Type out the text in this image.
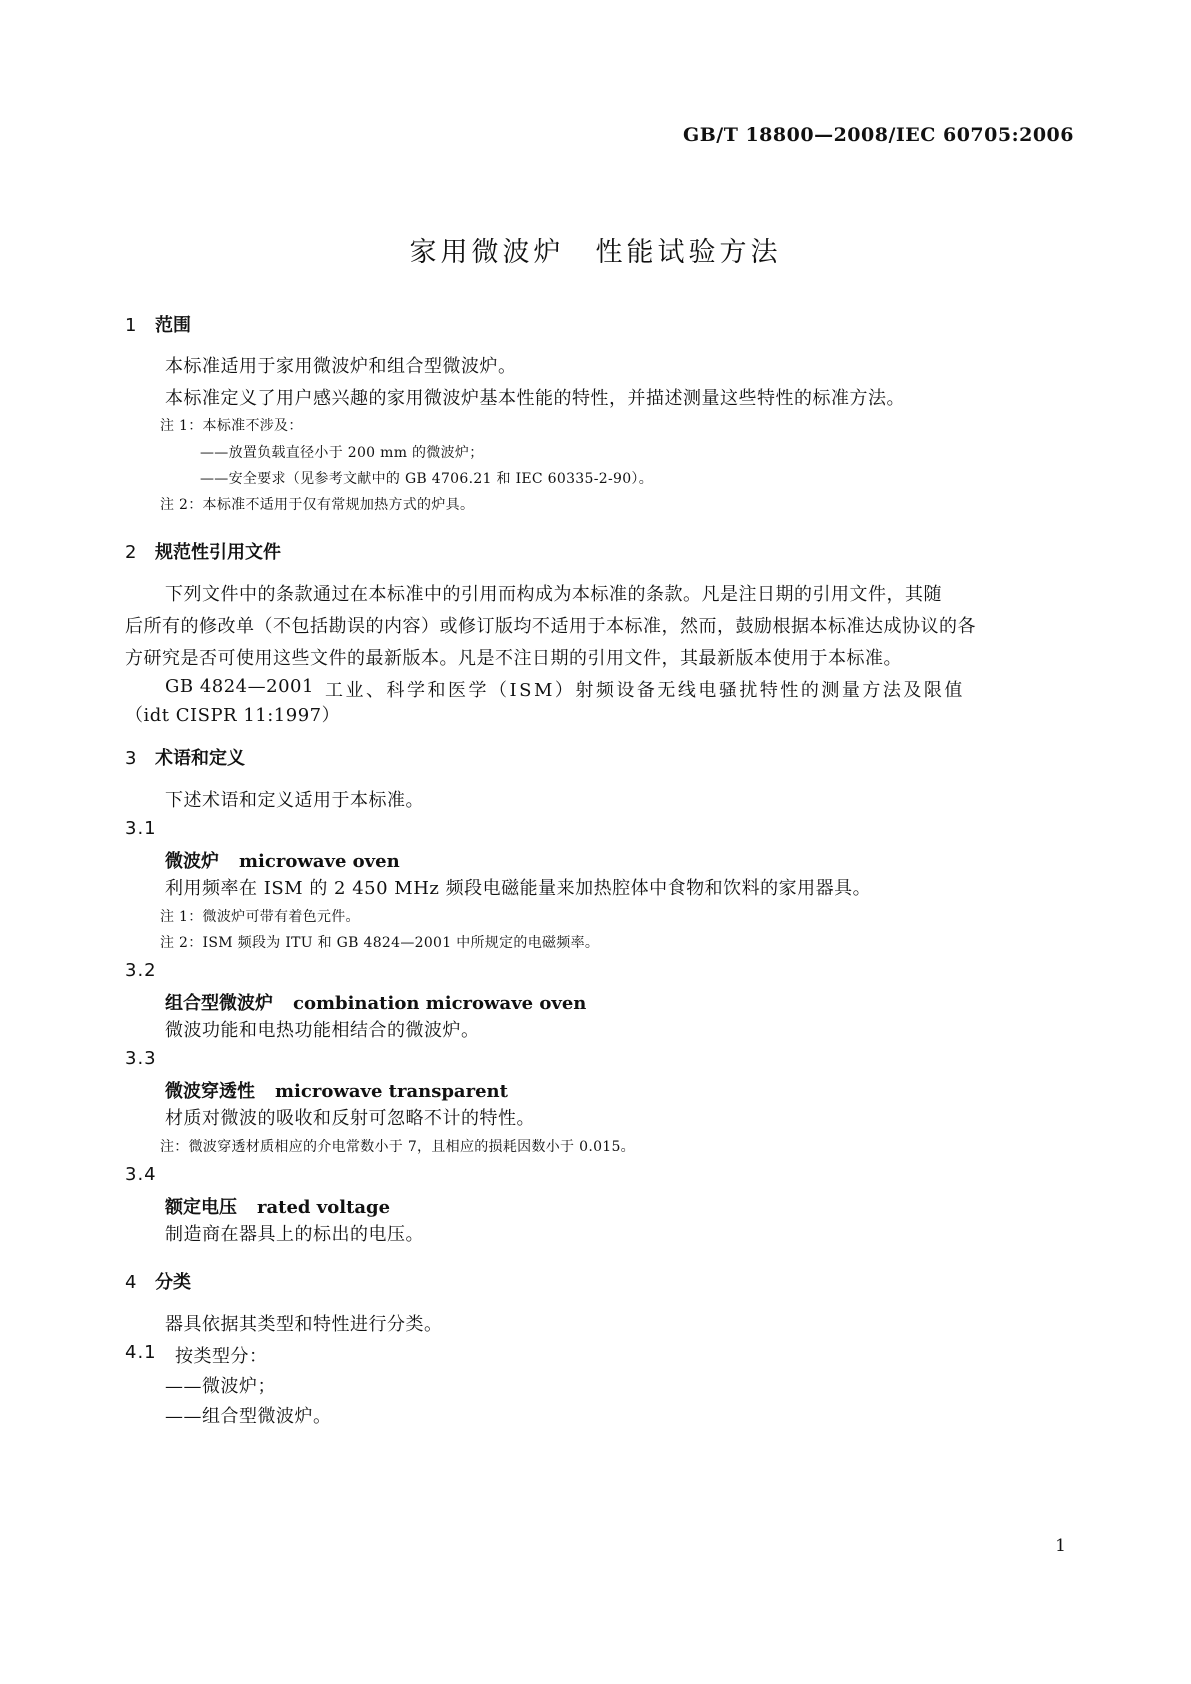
GB/T 18800—2008/IEC 60705:2006
家用微波炉　性能试验方法
1 范围
本标准适用于家用微波炉和组合型微波炉。
本标准定义了用户感兴趣的家用微波炉基本性能的特性，并描述测量这些特性的标准方法。
注 1：本标准不涉及：
——放置负载直径小于 200 mm 的微波炉；
——安全要求（见参考文献中的 GB 4706.21 和 IEC 60335-2-90）。
注 2：本标准不适用于仅有常规加热方式的炉具。
2 规范性引用文件
下列文件中的条款通过在本标准中的引用而构成为本标准的条款。凡是注日期的引用文件，其随
后所有的修改单（不包括勘误的内容）或修订版均不适用于本标准，然而，鼓励根据本标准达成协议的各
方研究是否可使用这些文件的最新版本。凡是不注日期的引用文件，其最新版本使用于本标准。
GB 4824—2001 工业、科学和医学（ISM）射频设备无线电骚扰特性的测量方法及限值
（idt CISPR 11:1997）
3 术语和定义
下述术语和定义适用于本标准。
3.1
微波炉 microwave oven
利用频率在 ISM 的 2 450 MHz 频段电磁能量来加热腔体中食物和饮料的家用器具。
注 1：微波炉可带有着色元件。
注 2：ISM 频段为 ITU 和 GB 4824—2001 中所规定的电磁频率。
3.2
组合型微波炉 combination microwave oven
微波功能和电热功能相结合的微波炉。
3.3
微波穿透性 microwave transparent
材质对微波的吸收和反射可忽略不计的特性。
注：微波穿透材质相应的介电常数小于 7，且相应的损耗因数小于 0.015。
3.4
额定电压 rated voltage
制造商在器具上的标出的电压。
4 分类
器具依据其类型和特性进行分类。
4.1 按类型分：
——微波炉；
——组合型微波炉。
1
